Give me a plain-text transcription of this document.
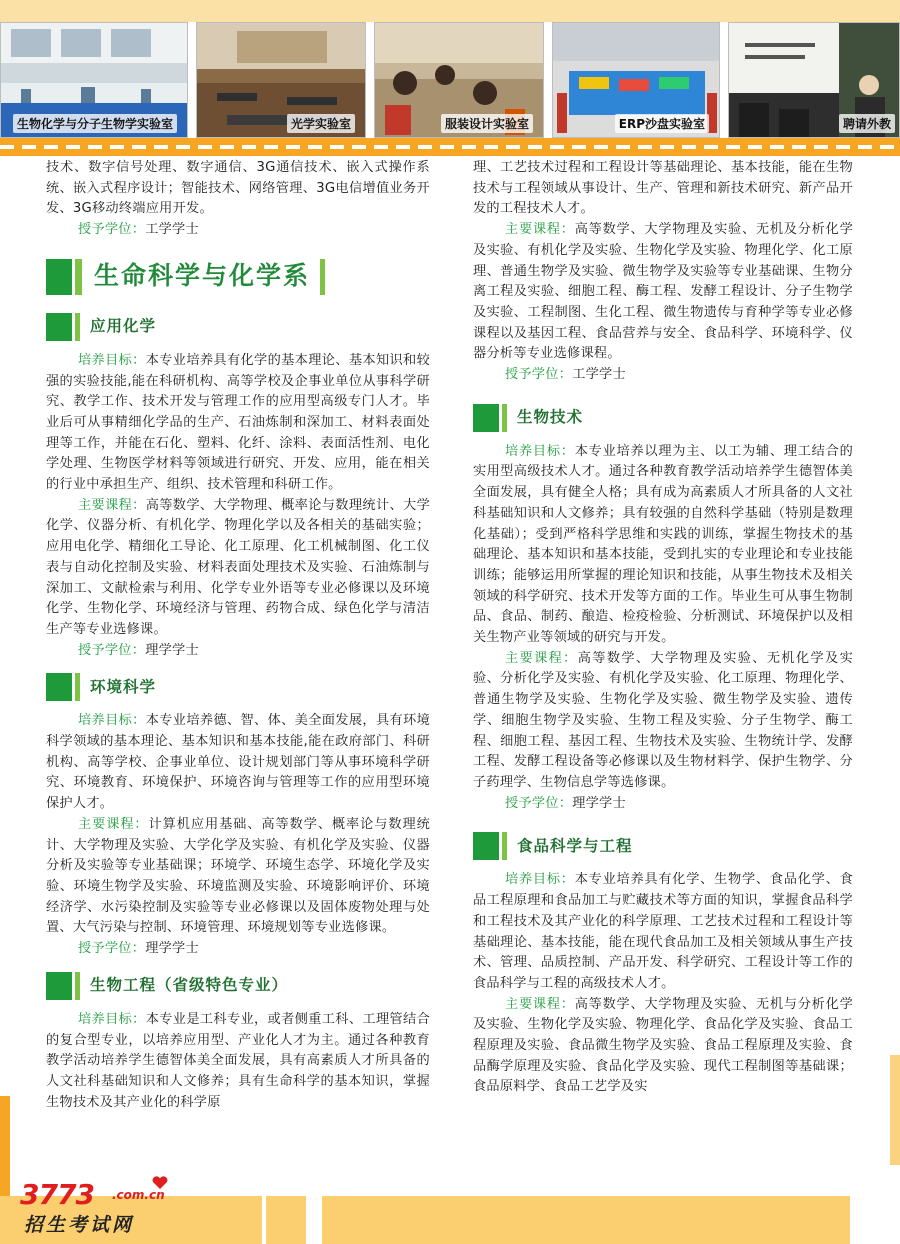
生物化学与分子生物学实验室	光学实验室	服装设计实验室	ERP沙盘实验室	聘请外教

技术、数字信号处理、数字通信、3G通信技术、嵌入式操作系统、嵌入式程序设计；智能技术、网络管理、3G电信增值业务开发、3G移动终端应用开发。

授予学位：工学学士

生命科学与化学系
应用化学

培养目标：本专业培养具有化学的基本理论、基本知识和较强的实验技能,能在科研机构、高等学校及企事业单位从事科学研究、教学工作、技术开发与管理工作的应用型高级专门人才。毕业后可从事精细化学品的生产、石油炼制和深加工、材料表面处理等工作，并能在石化、塑料、化纤、涂料、表面活性剂、电化学处理、生物医学材料等领域进行研究、开发、应用，能在相关的行业中承担生产、组织、技术管理和科研工作。

主要课程：高等数学、大学物理、概率论与数理统计、大学化学、仪器分析、有机化学、物理化学以及各相关的基础实验；应用电化学、精细化工导论、化工原理、化工机械制图、化工仪表与自动化控制及实验、材料表面处理技术及实验、石油炼制与深加工、文献检索与利用、化学专业外语等专业必修课以及环境化学、生物化学、环境经济与管理、药物合成、绿色化学与清洁生产等专业选修课。

授予学位：理学学士

环境科学

培养目标：本专业培养德、智、体、美全面发展，具有环境科学领域的基本理论、基本知识和基本技能,能在政府部门、科研机构、高等学校、企事业单位、设计规划部门等从事环境科学研究、环境教育、环境保护、环境咨询与管理等工作的应用型环境保护人才。

主要课程：计算机应用基础、高等数学、概率论与数理统计、大学物理及实验、大学化学及实验、有机化学及实验、仪器分析及实验等专业基础课；环境学、环境生态学、环境化学及实验、环境生物学及实验、环境监测及实验、环境影响评价、环境经济学、水污染控制及实验等专业必修课以及固体废物处理与处置、大气污染与控制、环境管理、环境规划等专业选修课。

授予学位：理学学士

生物工程（省级特色专业）

培养目标：本专业是工科专业，或者侧重工科、工理管结合的复合型专业，以培养应用型、产业化人才为主。通过各种教育教学活动培养学生德智体美全面发展，具有高素质人才所具备的人文社科基础知识和人文修养；具有生命科学的基本知识，掌握生物技术及其产业化的科学原

理、工艺技术过程和工程设计等基础理论、基本技能，能在生物技术与工程领域从事设计、生产、管理和新技术研究、新产品开发的工程技术人才。

主要课程：高等数学、大学物理及实验、无机及分析化学及实验、有机化学及实验、生物化学及实验、物理化学、化工原理、普通生物学及实验、微生物学及实验等专业基础课、生物分离工程及实验、细胞工程、酶工程、发酵工程设计、分子生物学及实验、工程制图、生化工程、微生物遗传与育种学等专业必修课程以及基因工程、食品营养与安全、食品科学、环境科学、仪器分析等专业选修课程。

授予学位：工学学士

生物技术

培养目标：本专业培养以理为主、以工为辅、理工结合的实用型高级技术人才。通过各种教育教学活动培养学生德智体美全面发展，具有健全人格；具有成为高素质人才所具备的人文社科基础知识和人文修养；具有较强的自然科学基础（特别是数理化基础）；受到严格科学思维和实践的训练，掌握生物技术的基础理论、基本知识和基本技能，受到扎实的专业理论和专业技能训练；能够运用所掌握的理论知识和技能，从事生物技术及相关领域的科学研究、技术开发等方面的工作。毕业生可从事生物制品、食品、制药、酿造、检疫检验、分析测试、环境保护以及相关生物产业等领域的研究与开发。

主要课程：高等数学、大学物理及实验、无机化学及实验、分析化学及实验、有机化学及实验、化工原理、物理化学、普通生物学及实验、生物化学及实验、微生物学及实验、遗传学、细胞生物学及实验、生物工程及实验、分子生物学、酶工程、细胞工程、基因工程、生物技术及实验、生物统计学、发酵工程、发酵工程设备等必修课以及生物材料学、保护生物学、分子药理学、生物信息学等选修课。

授予学位：理学学士

食品科学与工程

培养目标：本专业培养具有化学、生物学、食品化学、食品工程原理和食品加工与贮藏技术等方面的知识，掌握食品科学和工程技术及其产业化的科学原理、工艺技术过程和工程设计等基础理论、基本技能，能在现代食品加工及相关领域从事生产技术、管理、品质控制、产品开发、科学研究、工程设计等工作的食品科学与工程的高级技术人才。

主要课程：高等数学、大学物理及实验、无机与分析化学及实验、生物化学及实验、物理化学、食品化学及实验、食品工程原理及实验、食品微生物学及实验、食品工程原理及实验、食品酶学原理及实验、食品化学及实验、现代工程制图等基础课；食品原料学、食品工艺学及实

3773 .com.cn
招生考试网
